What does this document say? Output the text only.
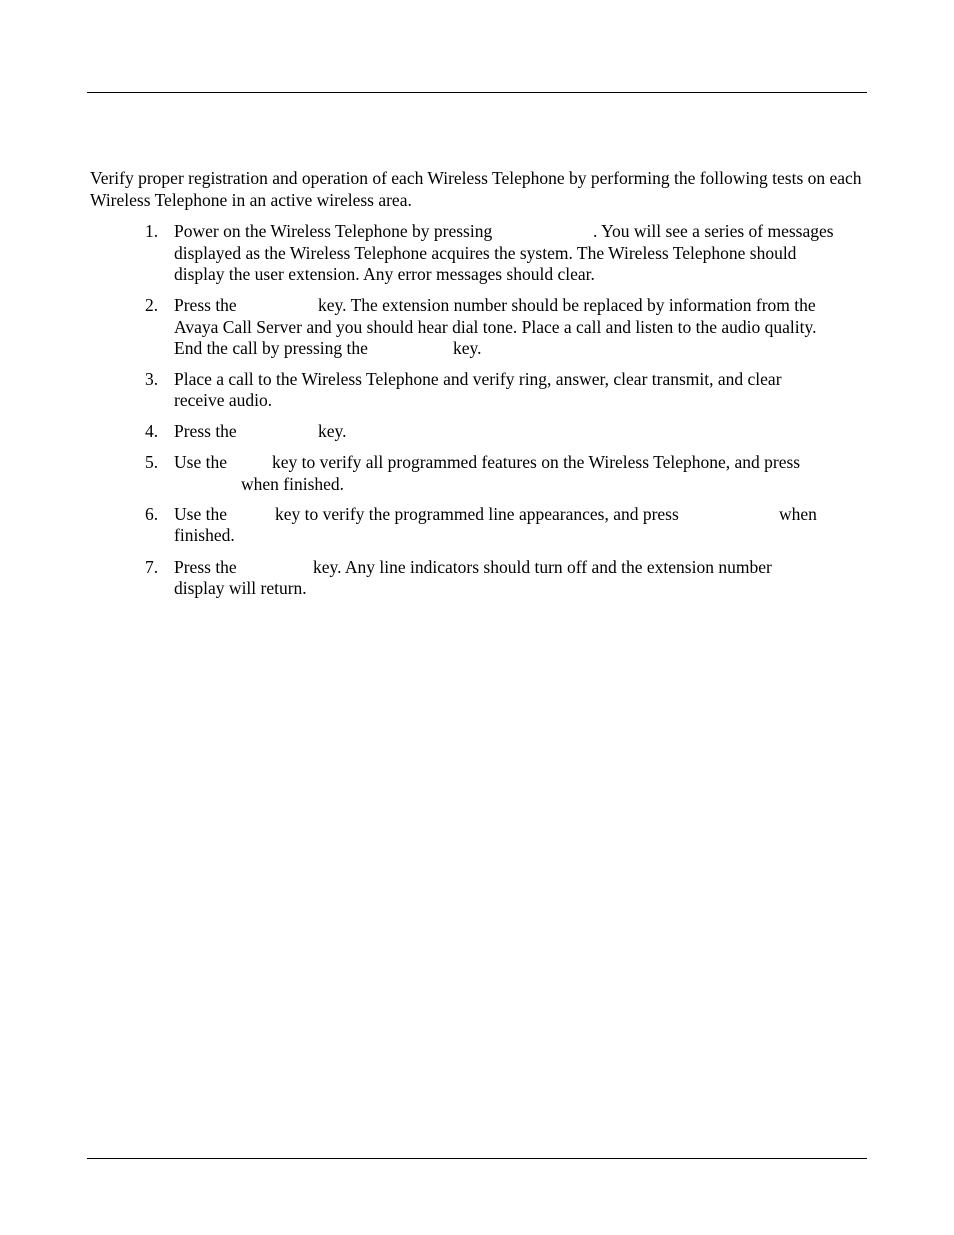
Verify proper registration and operation of each Wireless Telephone by performing the following tests on each Wireless Telephone in an active wireless area.

1. Power on the Wireless Telephone by pressing	. You will see a series of messages
displayed as the Wireless Telephone acquires the system. The Wireless Telephone should
display the user extension. Any error messages should clear.
2. Press the	key. The extension number should be replaced by information from the
Avaya Call Server and you should hear dial tone. Place a call and listen to the audio quality.
End the call by pressing the	key.
3. Place a call to the Wireless Telephone and verify ring, answer, clear transmit, and clear
receive audio.
4. Press the	key.
5. Use the	key to verify all programmed features on the Wireless Telephone, and press
when finished.
6. Use the	key to verify the programmed line appearances, and press	when
finished.
7. Press the	key. Any line indicators should turn off and the extension number
display will return.
